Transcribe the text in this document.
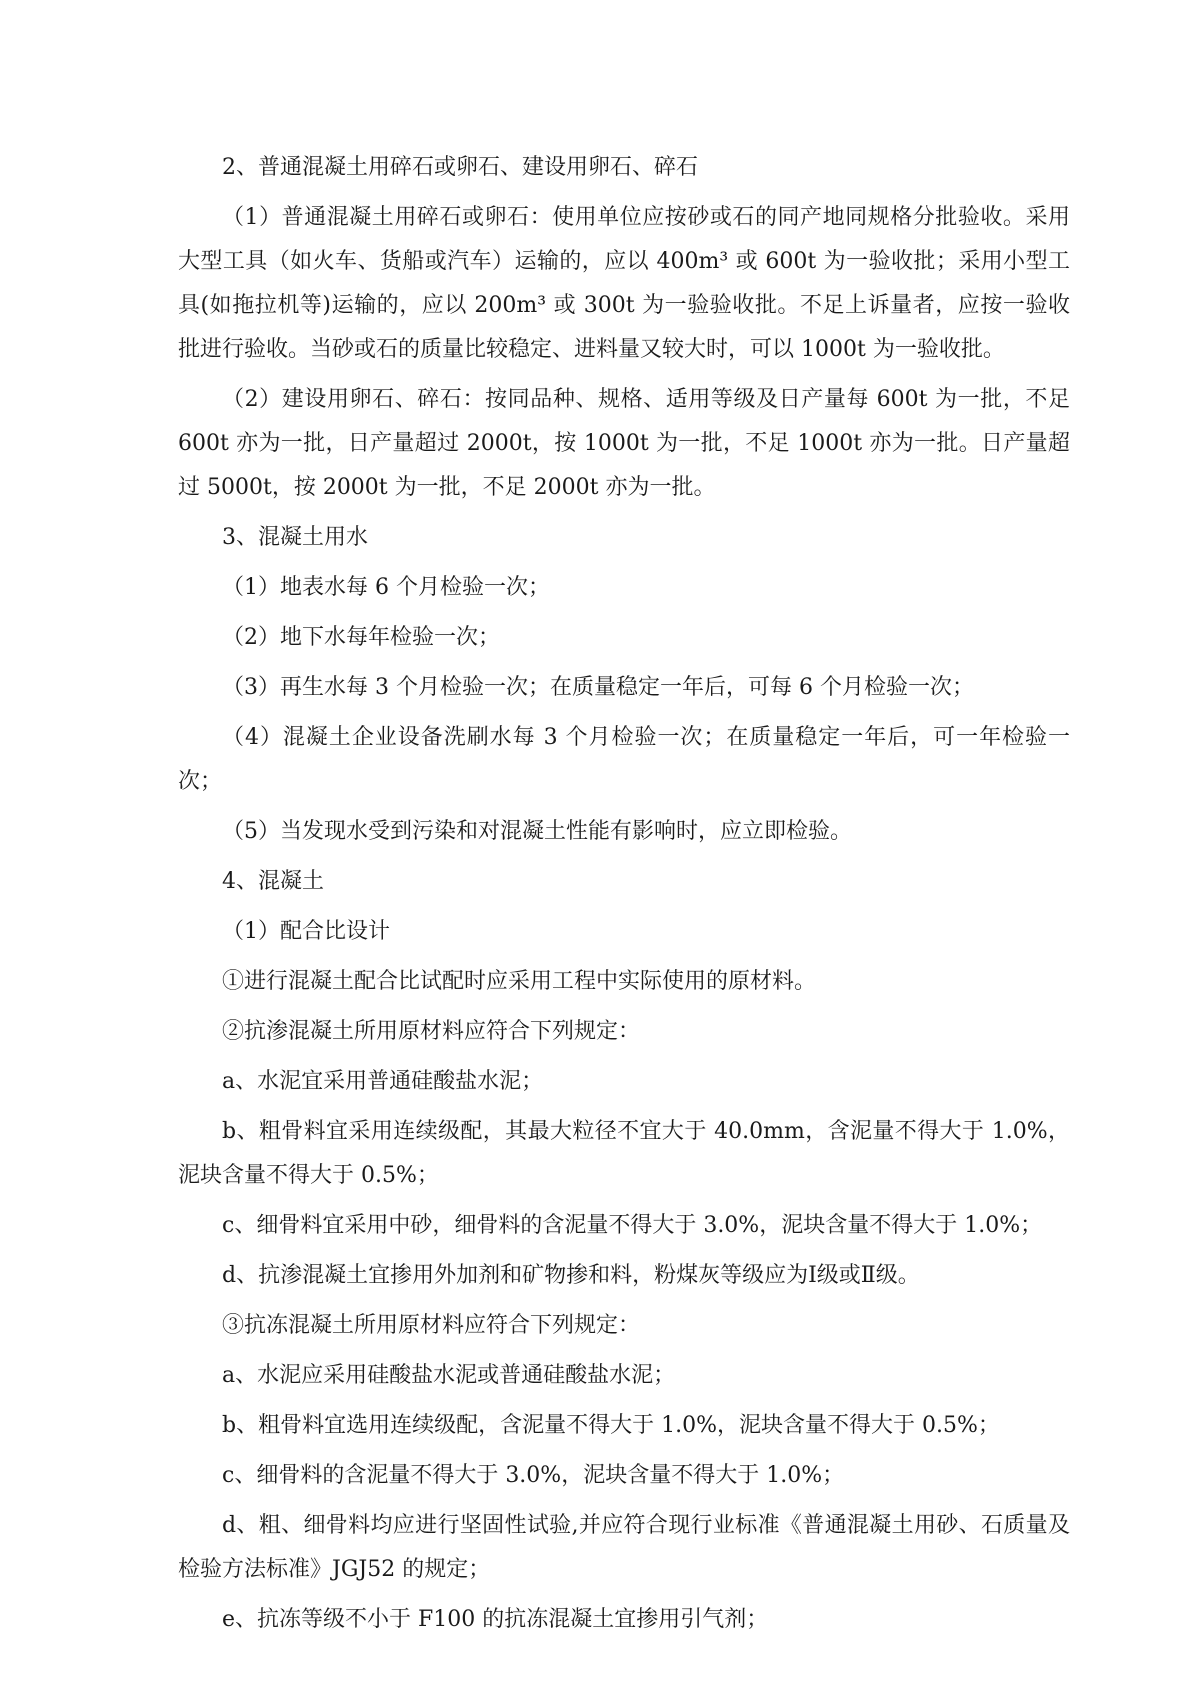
2、普通混凝土用碎石或卵石、建设用卵石、碎石

（1）普通混凝土用碎石或卵石：使用单位应按砂或石的同产地同规格分批验收。采用大型工具（如火车、货船或汽车）运输的，应以 400m³ 或 600t 为一验收批；采用小型工具(如拖拉机等)运输的，应以 200m³ 或 300t 为一验验收批。不足上诉量者，应按一验收批进行验收。当砂或石的质量比较稳定、进料量又较大时，可以 1000t 为一验收批。

（2）建设用卵石、碎石：按同品种、规格、适用等级及日产量每 600t 为一批，不足 600t 亦为一批，日产量超过 2000t，按 1000t 为一批，不足 1000t 亦为一批。日产量超过 5000t，按 2000t 为一批，不足 2000t 亦为一批。

3、混凝土用水

（1）地表水每 6 个月检验一次；

（2）地下水每年检验一次；

（3）再生水每 3 个月检验一次；在质量稳定一年后，可每 6 个月检验一次；

（4）混凝土企业设备洗刷水每 3 个月检验一次；在质量稳定一年后，可一年检验一次；

（5）当发现水受到污染和对混凝土性能有影响时，应立即检验。

4、混凝土

（1）配合比设计

①进行混凝土配合比试配时应采用工程中实际使用的原材料。

②抗渗混凝土所用原材料应符合下列规定：

a、水泥宜采用普通硅酸盐水泥；

b、粗骨料宜采用连续级配，其最大粒径不宜大于 40.0mm，含泥量不得大于 1.0%，泥块含量不得大于 0.5%；

c、细骨料宜采用中砂，细骨料的含泥量不得大于 3.0%，泥块含量不得大于 1.0%；

d、抗渗混凝土宜掺用外加剂和矿物掺和料，粉煤灰等级应为Ⅰ级或Ⅱ级。

③抗冻混凝土所用原材料应符合下列规定：

a、水泥应采用硅酸盐水泥或普通硅酸盐水泥；

b、粗骨料宜选用连续级配，含泥量不得大于 1.0%，泥块含量不得大于 0.5%；

c、细骨料的含泥量不得大于 3.0%，泥块含量不得大于 1.0%；

d、粗、细骨料均应进行坚固性试验,并应符合现行业标准《普通混凝土用砂、石质量及检验方法标准》JGJ52 的规定；

e、抗冻等级不小于 F100 的抗冻混凝土宜掺用引气剂；
